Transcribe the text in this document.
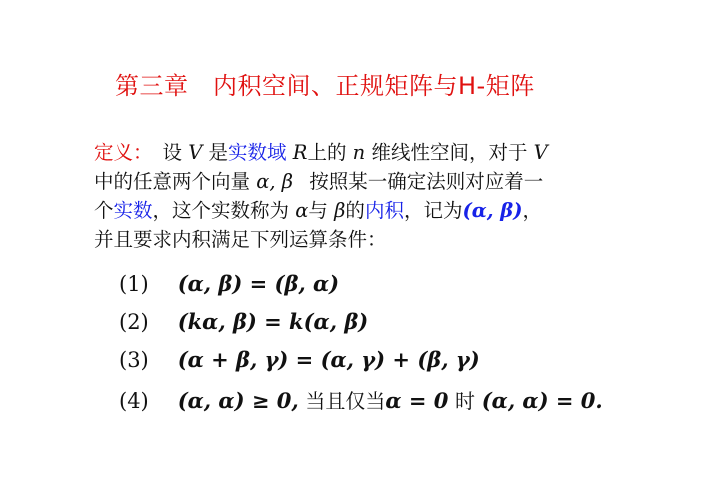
第三章　内积空间、正规矩阵与H-矩阵
定义： 设 V 是实数域 R上的 n 维线性空间，对于 V
中的任意两个向量 α, β 按照某一确定法则对应着一
个实数，这个实数称为 α与 β的内积，记为(α, β)，
并且要求内积满足下列运算条件：
(1) (α, β) = (β, α)
(2) (kα, β) = k(α, β)
(3) (α + β, γ) = (α, γ) + (β, γ)
(4) (α, α) ≥ 0, 当且仅当α = 0 时 (α, α) = 0.
